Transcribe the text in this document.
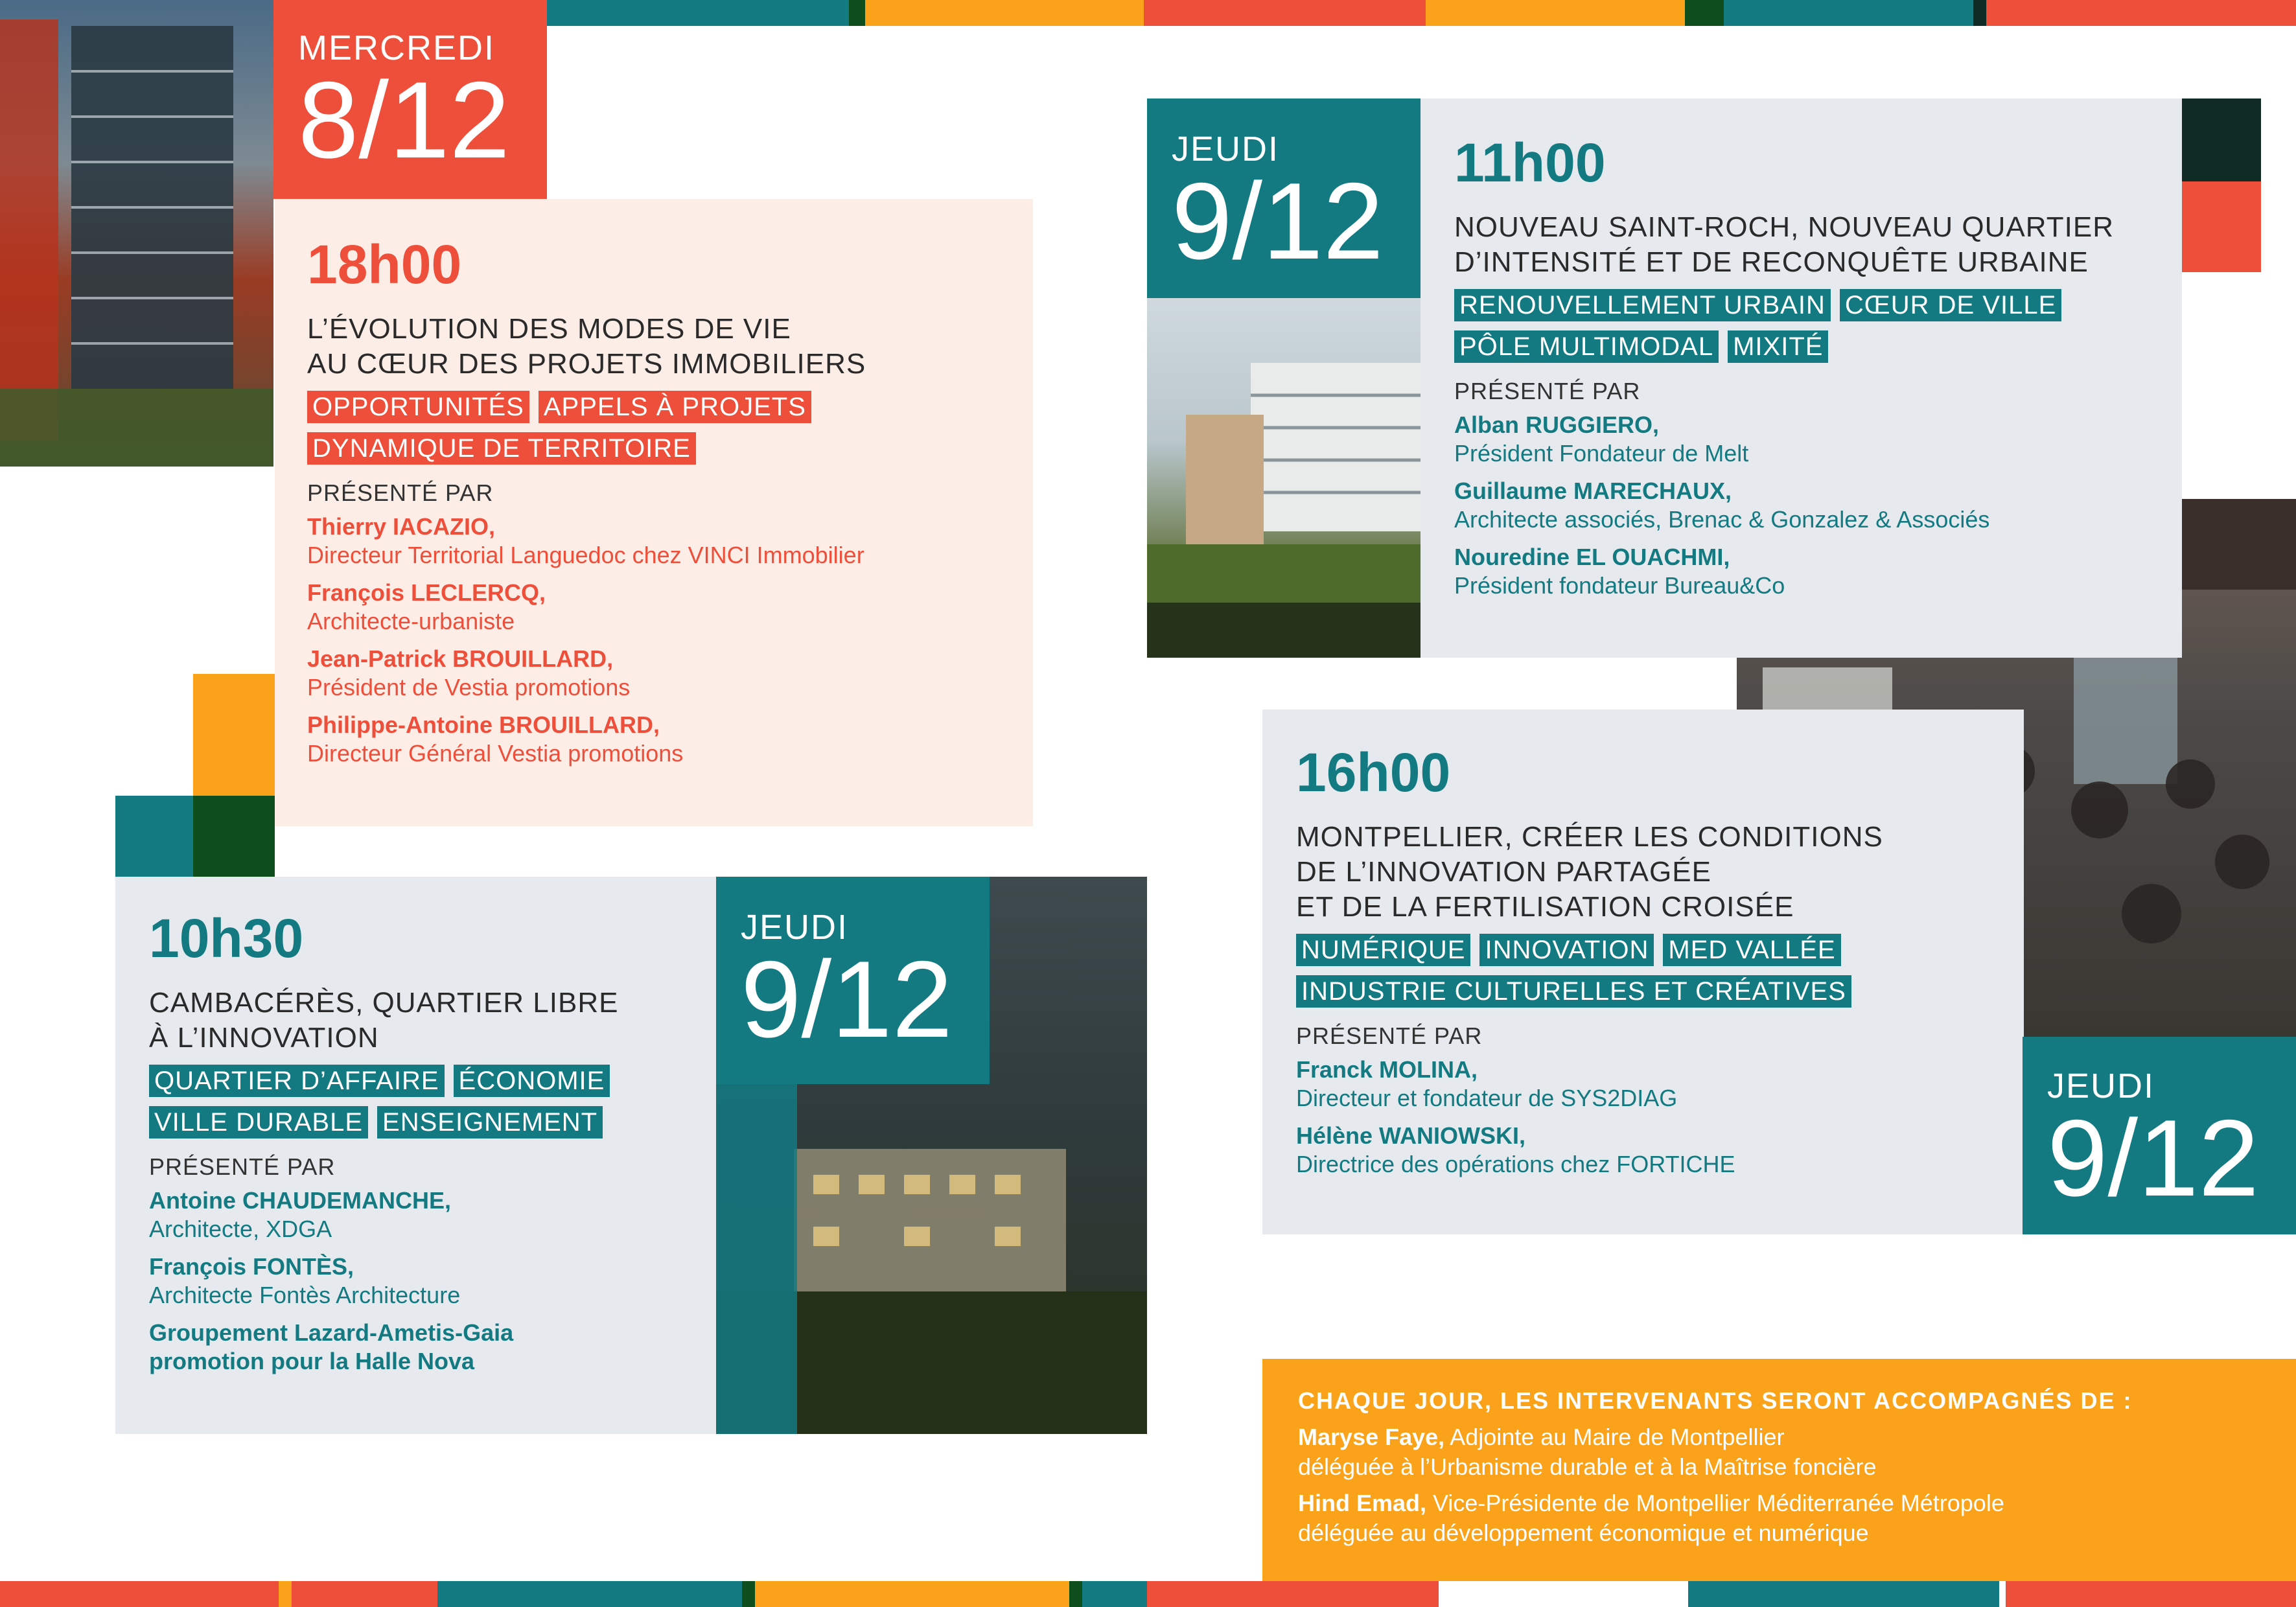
18h00
L’ÉVOLUTION DES MODES DE VIE
AU CŒUR DES PROJETS IMMOBILIERS
OPPORTUNITÉS APPELS À PROJETS
DYNAMIQUE DE TERRITOIRE
PRÉSENTÉ PAR
Thierry IACAZIO,
Directeur Territorial Languedoc chez VINCI Immobilier
François LECLERCQ,
Architecte-urbaniste
Jean-Patrick BROUILLARD,
Président de Vestia promotions
Philippe-Antoine BROUILLARD,
Directeur Général Vestia promotions
MERCREDI
8/12
10h30
CAMBACÉRÈS, QUARTIER LIBRE
À L’INNOVATION
QUARTIER D’AFFAIRE ÉCONOMIE
VILLE DURABLE ENSEIGNEMENT
PRÉSENTÉ PAR
Antoine CHAUDEMANCHE,
Architecte, XDGA
François FONTÈS,
Architecte Fontès Architecture
Groupement Lazard-Ametis-Gaia
promotion pour la Halle Nova
JEUDI
9/12
11h00
NOUVEAU SAINT-ROCH, NOUVEAU QUARTIER
D’INTENSITÉ ET DE RECONQUÊTE URBAINE
RENOUVELLEMENT URBAIN CŒUR DE VILLE
PÔLE MULTIMODAL MIXITÉ
PRÉSENTÉ PAR
Alban RUGGIERO,
Président Fondateur de Melt
Guillaume MARECHAUX,
Architecte associés, Brenac & Gonzalez & Associés
Nouredine EL OUACHMI,
Président fondateur Bureau&Co
JEUDI
9/12
16h00
MONTPELLIER, CRÉER LES CONDITIONS
DE L’INNOVATION PARTAGÉE
ET DE LA FERTILISATION CROISÉE
NUMÉRIQUE INNOVATION MED VALLÉE
INDUSTRIE CULTURELLES ET CRÉATIVES
PRÉSENTÉ PAR
Franck MOLINA,
Directeur et fondateur de SYS2DIAG
Hélène WANIOWSKI,
Directrice des opérations chez FORTICHE
JEUDI
9/12
CHAQUE JOUR, LES INTERVENANTS SERONT ACCOMPAGNÉS DE :
Maryse Faye, Adjointe au Maire de Montpellier
déléguée à l’Urbanisme durable et à la Maîtrise foncière
Hind Emad, Vice-Présidente de Montpellier Méditerranée Métropole
déléguée au développement économique et numérique
